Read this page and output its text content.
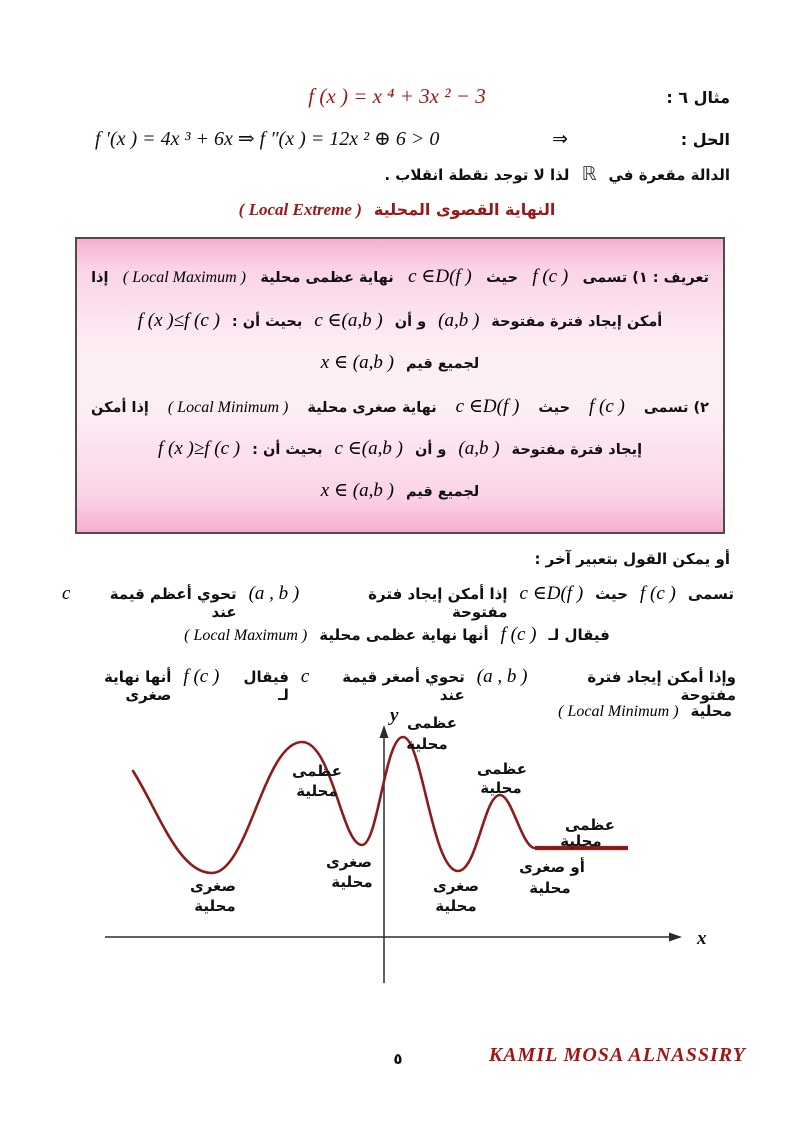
f (x ) = x ⁴ + 3x ² − 3	مثال ٦ :
الحل :
⇒
f ′(x ) = 4x ³ + 6x ⇒ f ″(x ) = 12x ² ⊕ 6 > 0
الدالة مقعرة في
ℝ
لذا لا توجد نقطة انقلاب .
النهاية القصوى المحلية
( Local Extreme )
تعريف : ١) تسمى
f (c )
حيث
c ∈D(f )
نهاية عظمى محلية
( Local Maximum )
إذا
أمكن إيجاد فترة مفتوحة
(a,b )
و أن
c ∈(a,b )
بحيث أن :
f (x )≤f (c )
لجميع قيم
x ∈ (a,b )
٢) تسمى
f (c )
حيث
c ∈D(f )
نهاية صغرى محلية
( Local Minimum )
إذا أمكن
إيجاد فترة مفتوحة
(a,b )
و أن
c ∈(a,b )
بحيث أن :
f (x )≥f (c )
لجميع قيم
x ∈ (a,b )
أو يمكن القول بتعبير آخر :
تسمى
f (c )
حيث
c ∈D(f )
إذا أمكن إيجاد فترة مفتوحة
(a , b )
تحوي أعظم قيمة عند
c
فيقال لـ
f (c )
أنها نهاية عظمى محلية
( Local Maximum )
وإذا أمكن إيجاد فترة مفتوحة
(a , b )
تحوي أصغر قيمة عند
c
فيقال لـ
f (c )
أنها نهاية صغرى
محلية
( Local Minimum )
x
y
عظمى
محلية
صغرى
محلية
صغرى
محلية
عظمى
محلية
صغرى
محلية
عظمى
محلية
عظمى
محلية
أو صغرى
محلية
٥	KAMIL MOSA ALNASSIRY
